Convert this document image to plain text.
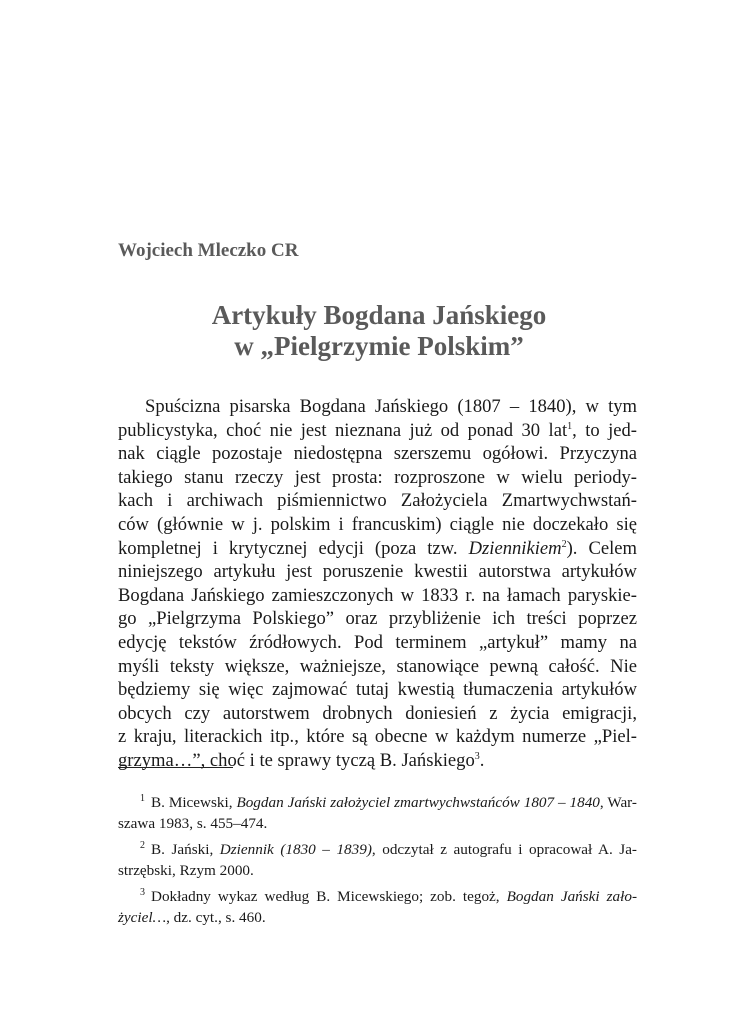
Wojciech Mleczko CR
Artykuły Bogdana Jańskiego
w „Pielgrzymie Polskim”
Spuścizna pisarska Bogdana Jańskiego (1807 – 1840), w tym
publicystyka, choć nie jest nieznana już od ponad 30 lat$^1$, to jed-
nak ciągle pozostaje niedostępna szerszemu ogółowi. Przyczyna
takiego stanu rzeczy jest prosta: rozproszone w wielu periody-
kach i archiwach piśmiennictwo Założyciela Zmartwychwstań-
ców (głównie w j. polskim i francuskim) ciągle nie doczekało się
kompletnej i krytycznej edycji (poza tzw. Dziennikiem$^2$). Celem
niniejszego artykułu jest poruszenie kwestii autorstwa artykułów
Bogdana Jańskiego zamieszczonych w 1833 r. na łamach paryskie-
go „Pielgrzyma Polskiego” oraz przybliżenie ich treści poprzez
edycję tekstów źródłowych. Pod terminem „artykuł” mamy na
myśli teksty większe, ważniejsze, stanowiące pewną całość. Nie
będziemy się więc zajmować tutaj kwestią tłumaczenia artykułów
obcych czy autorstwem drobnych doniesień z życia emigracji,
z kraju, literackich itp., które są obecne w każdym numerze „Piel-
grzyma…”, choć i te sprawy tyczą B. Jańskiego$^3$.
$^1$ B. Micewski, Bogdan Jański założyciel zmartwychwstańców 1807 – 1840, War-
szawa 1983, s. 455–474.
$^2$ B. Jański, Dziennik (1830 – 1839), odczytał z autografu i opracował A. Ja-
strzębski, Rzym 2000.
$^3$ Dokładny wykaz według B. Micewskiego; zob. tegoż, Bogdan Jański zało-
życiel…, dz. cyt., s. 460.
